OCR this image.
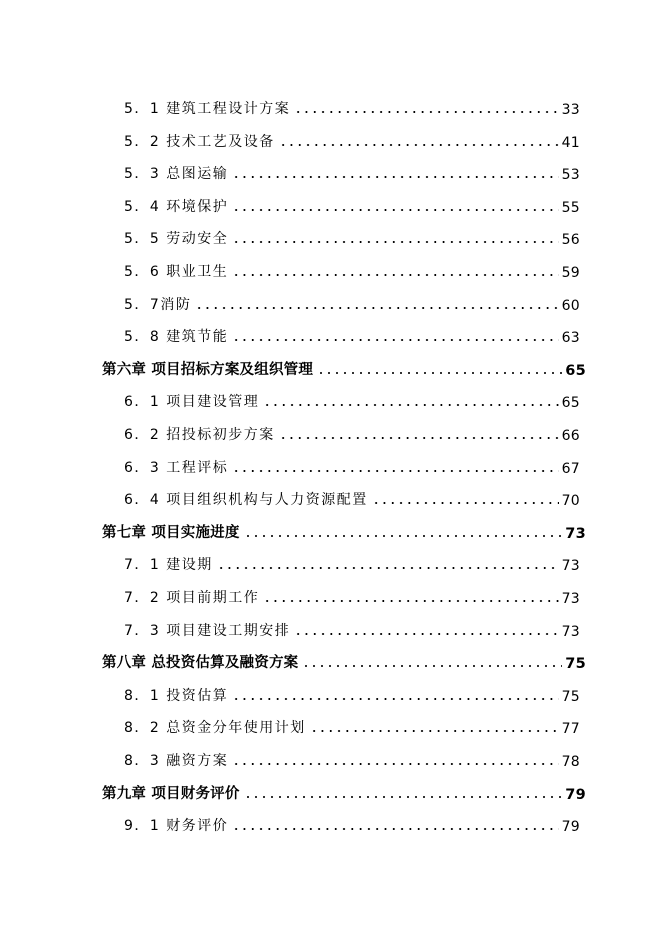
5．1 建筑工程设计方案	33
5．2 技术工艺及设备	41
5．3 总图运输	53
5．4 环境保护	55
5．5 劳动安全	56
5．6 职业卫生	59
5．7消防	60
5．8 建筑节能	63
第六章 项目招标方案及组织管理	65
6．1 项目建设管理	65
6．2 招投标初步方案	66
6．3 工程评标	67
6．4 项目组织机构与人力资源配置	70
第七章 项目实施进度	73
7．1 建设期	73
7．2 项目前期工作	73
7．3 项目建设工期安排	73
第八章 总投资估算及融资方案	75
8．1 投资估算	75
8．2 总资金分年使用计划	77
8．3 融资方案	78
第九章 项目财务评价	79
9．1 财务评价	79
